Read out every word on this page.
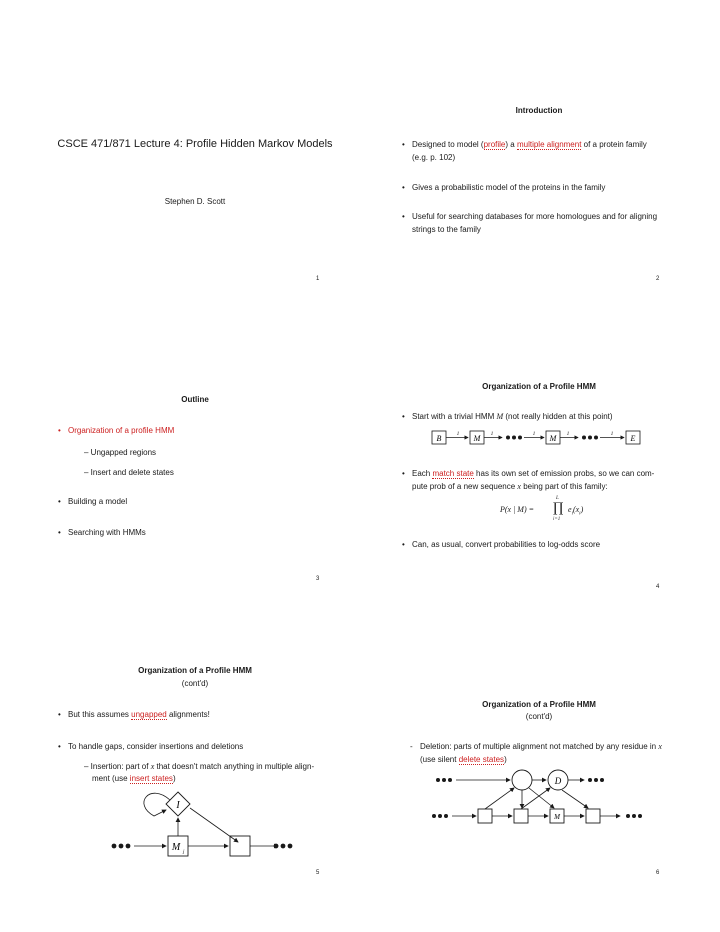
CSCE 471/871 Lecture 4: Profile Hidden Markov Models
Stephen D. Scott
1
Introduction
• Designed to model (profile) a multiple alignment of a protein family
(e.g. p. 102)
• Gives a probabilistic model of the proteins in the family
• Useful for searching databases for more homologues and for aligning
strings to the family
2
Outline
• Organization of a profile HMM
– Ungapped regions
– Insert and delete states
• Building a model
• Searching with HMMs
3
Organization of a Profile HMM
• Start with a trivial HMM M (not really hidden at this point)
B	1 M 1	1 M 1	1 E
• Each match state has its own set of emission probs, so we can com-
pute prob of a new sequence x being part of this family:
P(x | M) =
L
∏
i=1
$e_i(x_i)$
• Can, as usual, convert probabilities to log-odds score
4
Organization of a Profile HMM
(cont'd)
• But this assumes ungapped alignments!
• To handle gaps, consider insertions and deletions
– Insertion: part of x that doesn't match anything in multiple align-
ment (use insert states)
I
M j
5
Organization of a Profile HMM
(cont'd)
- Deletion: parts of multiple alignment not matched by any residue in x
(use silent delete states)
D
M
6
